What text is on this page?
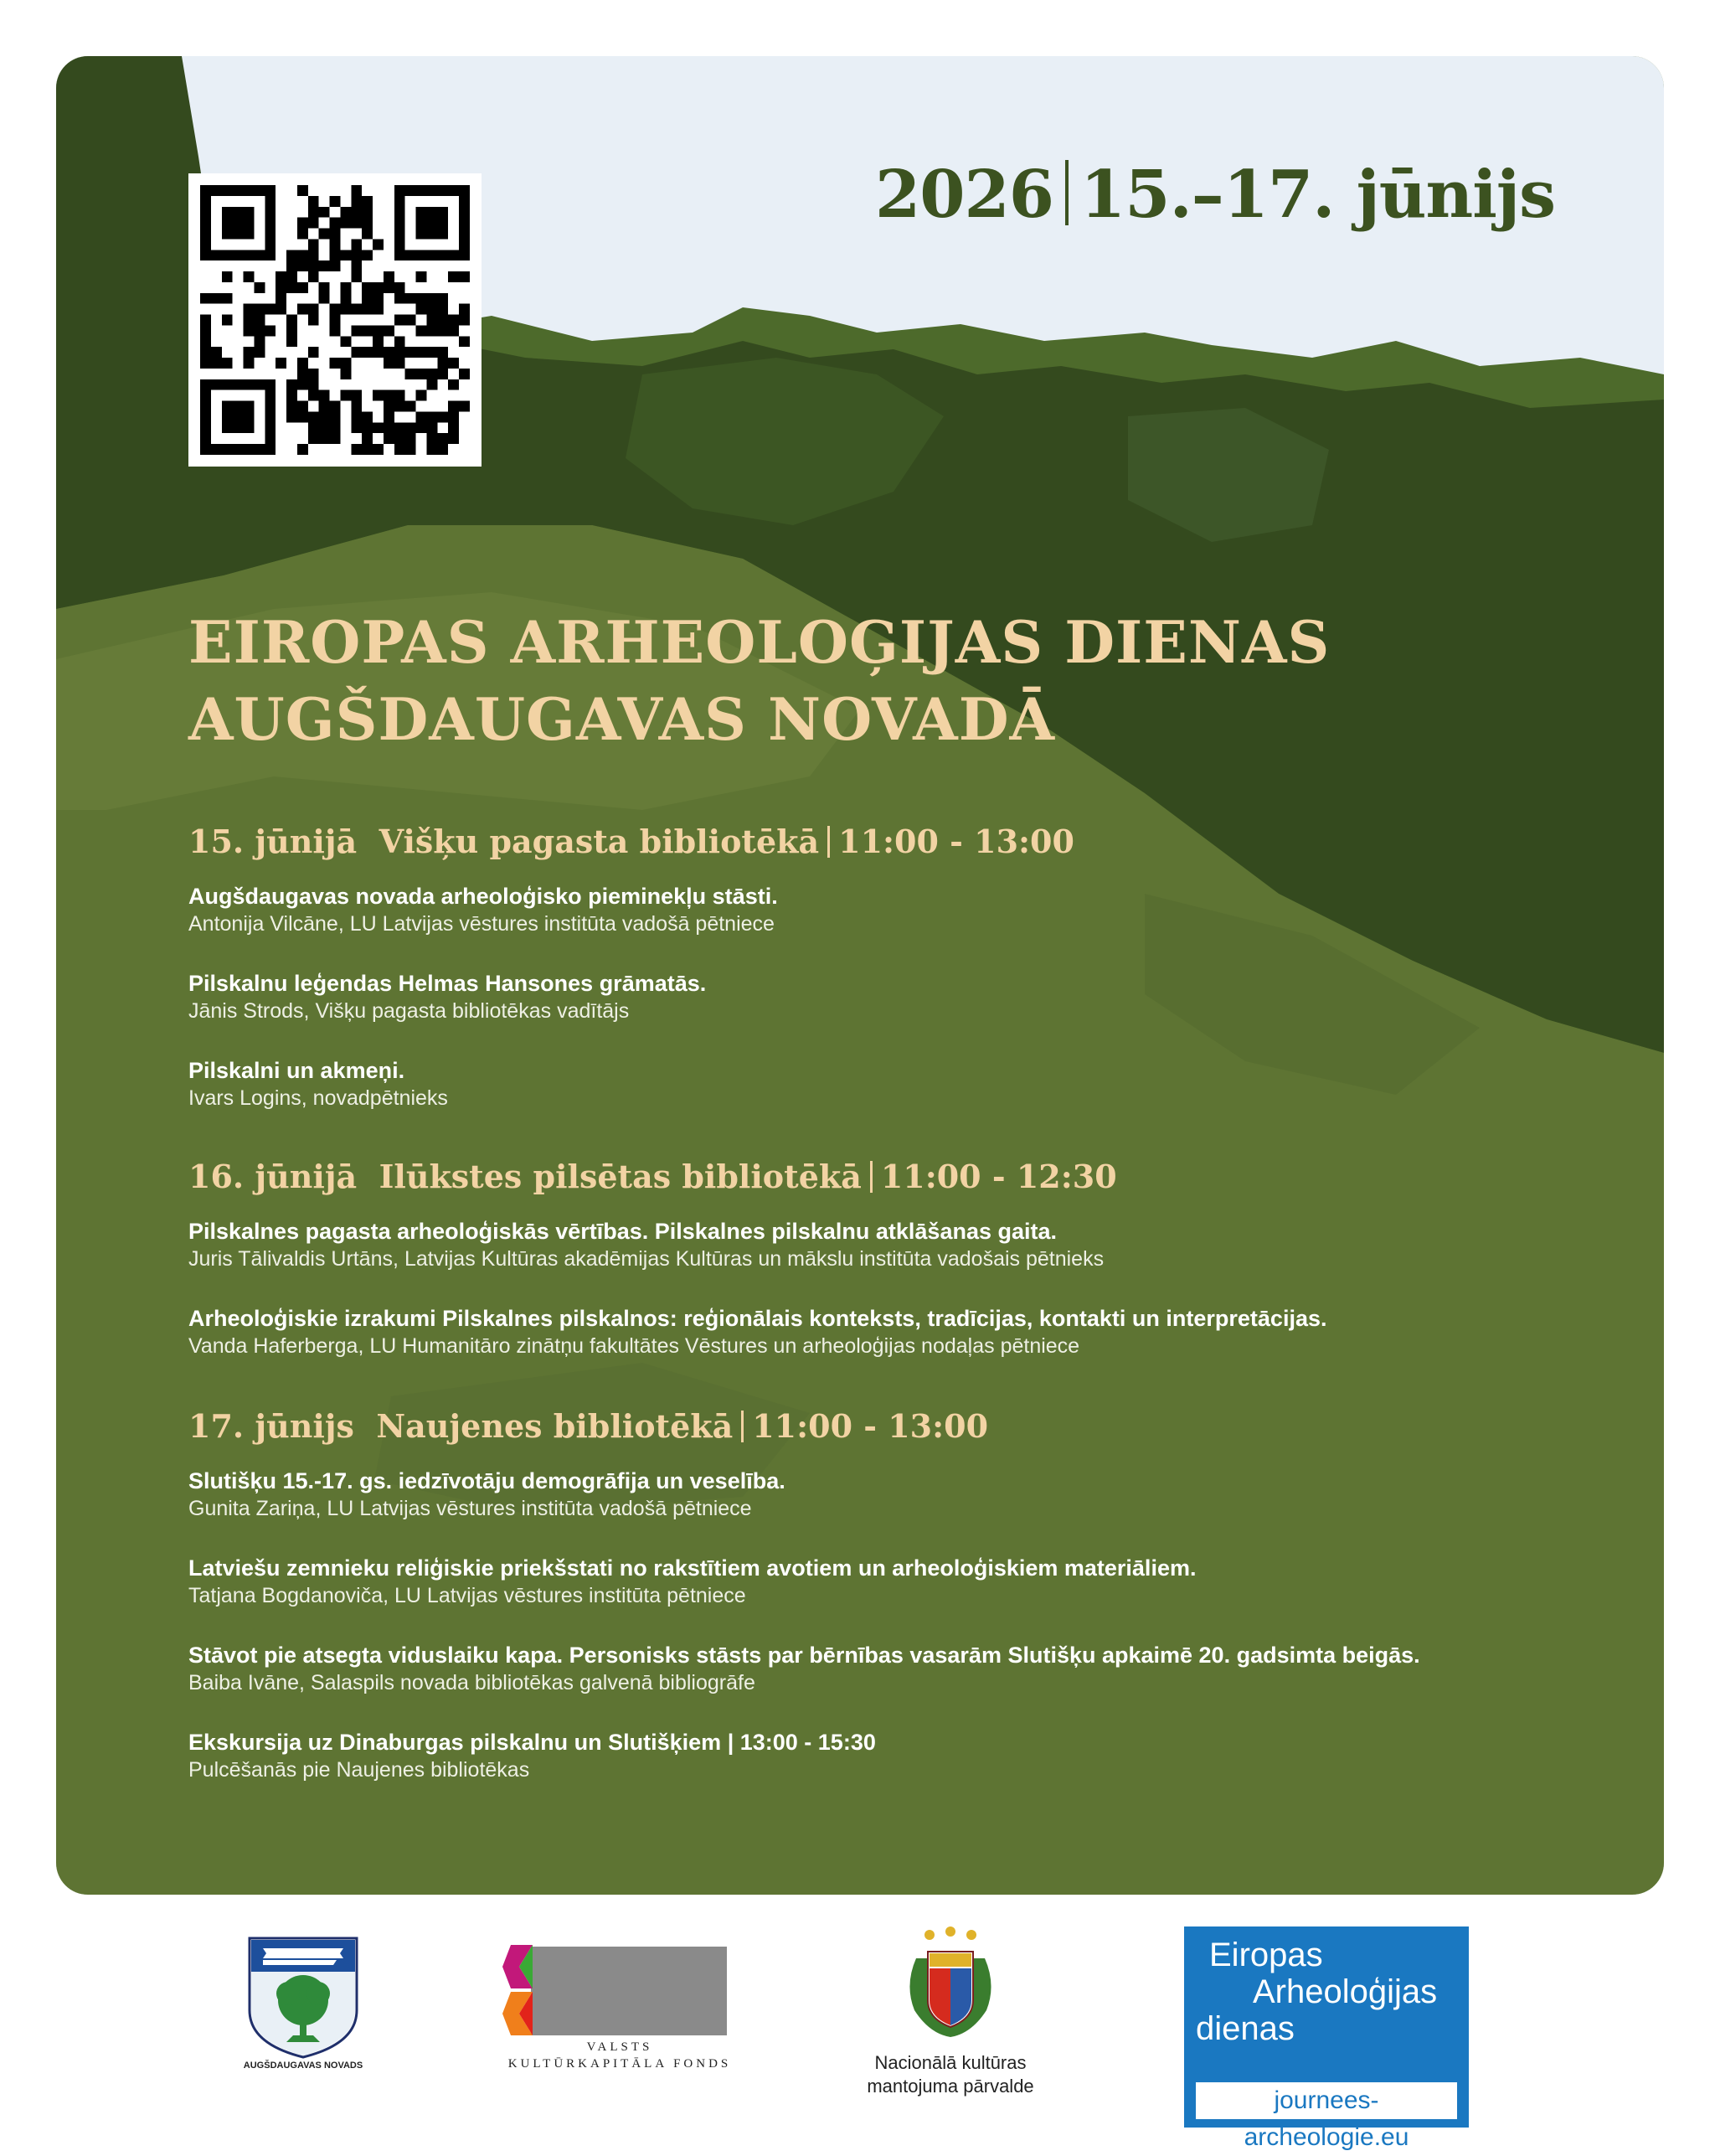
2026 15.–17. jūnijs
EIROPAS ARHEOLOĢIJAS DIENAS
AUGŠDAUGAVAS NOVADĀ
15. jūnijā Višķu pagasta bibliotēkā 11:00 - 13:00
Augšdaugavas novada arheoloģisko pieminekļu stāsti.
Antonija Vilcāne, LU Latvijas vēstures institūta vadošā pētniece
Pilskalnu leģendas Helmas Hansones grāmatās.
Jānis Strods, Višķu pagasta bibliotēkas vadītājs
Pilskalni un akmeņi.
Ivars Logins, novadpētnieks
16. jūnijā Ilūkstes pilsētas bibliotēkā 11:00 - 12:30
Pilskalnes pagasta arheoloģiskās vērtības. Pilskalnes pilskalnu atklāšanas gaita.
Juris Tālivaldis Urtāns, Latvijas Kultūras akadēmijas Kultūras un mākslu institūta vadošais pētnieks
Arheoloģiskie izrakumi Pilskalnes pilskalnos: reģionālais konteksts, tradīcijas, kontakti un interpretācijas.
Vanda Haferberga, LU Humanitāro zinātņu fakultātes Vēstures un arheoloģijas nodaļas pētniece
17. jūnijs Naujenes bibliotēkā 11:00 - 13:00
Slutišķu 15.-17. gs. iedzīvotāju demogrāfija un veselība.
Gunita Zariņa, LU Latvijas vēstures institūta vadošā pētniece
Latviešu zemnieku reliģiskie priekšstati no rakstītiem avotiem un arheoloģiskiem materiāliem.
Tatjana Bogdanoviča, LU Latvijas vēstures institūta pētniece
Stāvot pie atsegta viduslaiku kapa. Personisks stāsts par bērnības vasarām Slutišķu apkaimē 20. gadsimta beigās.
Baiba Ivāne, Salaspils novada bibliotēkas galvenā bibliogrāfe
Ekskursija uz Dinaburgas pilskalnu un Slutišķiem | 13:00 - 15:30
Pulcēšanās pie Naujenes bibliotēkas
AUGŠDAUGAVAS NOVADS
VALSTS
KULTŪRKAPITĀLA FONDS	Nacionālā kultūras
mantojuma pārvalde
Eiropas
Arheoloģijas
dienas
journees-archeologie.eu
